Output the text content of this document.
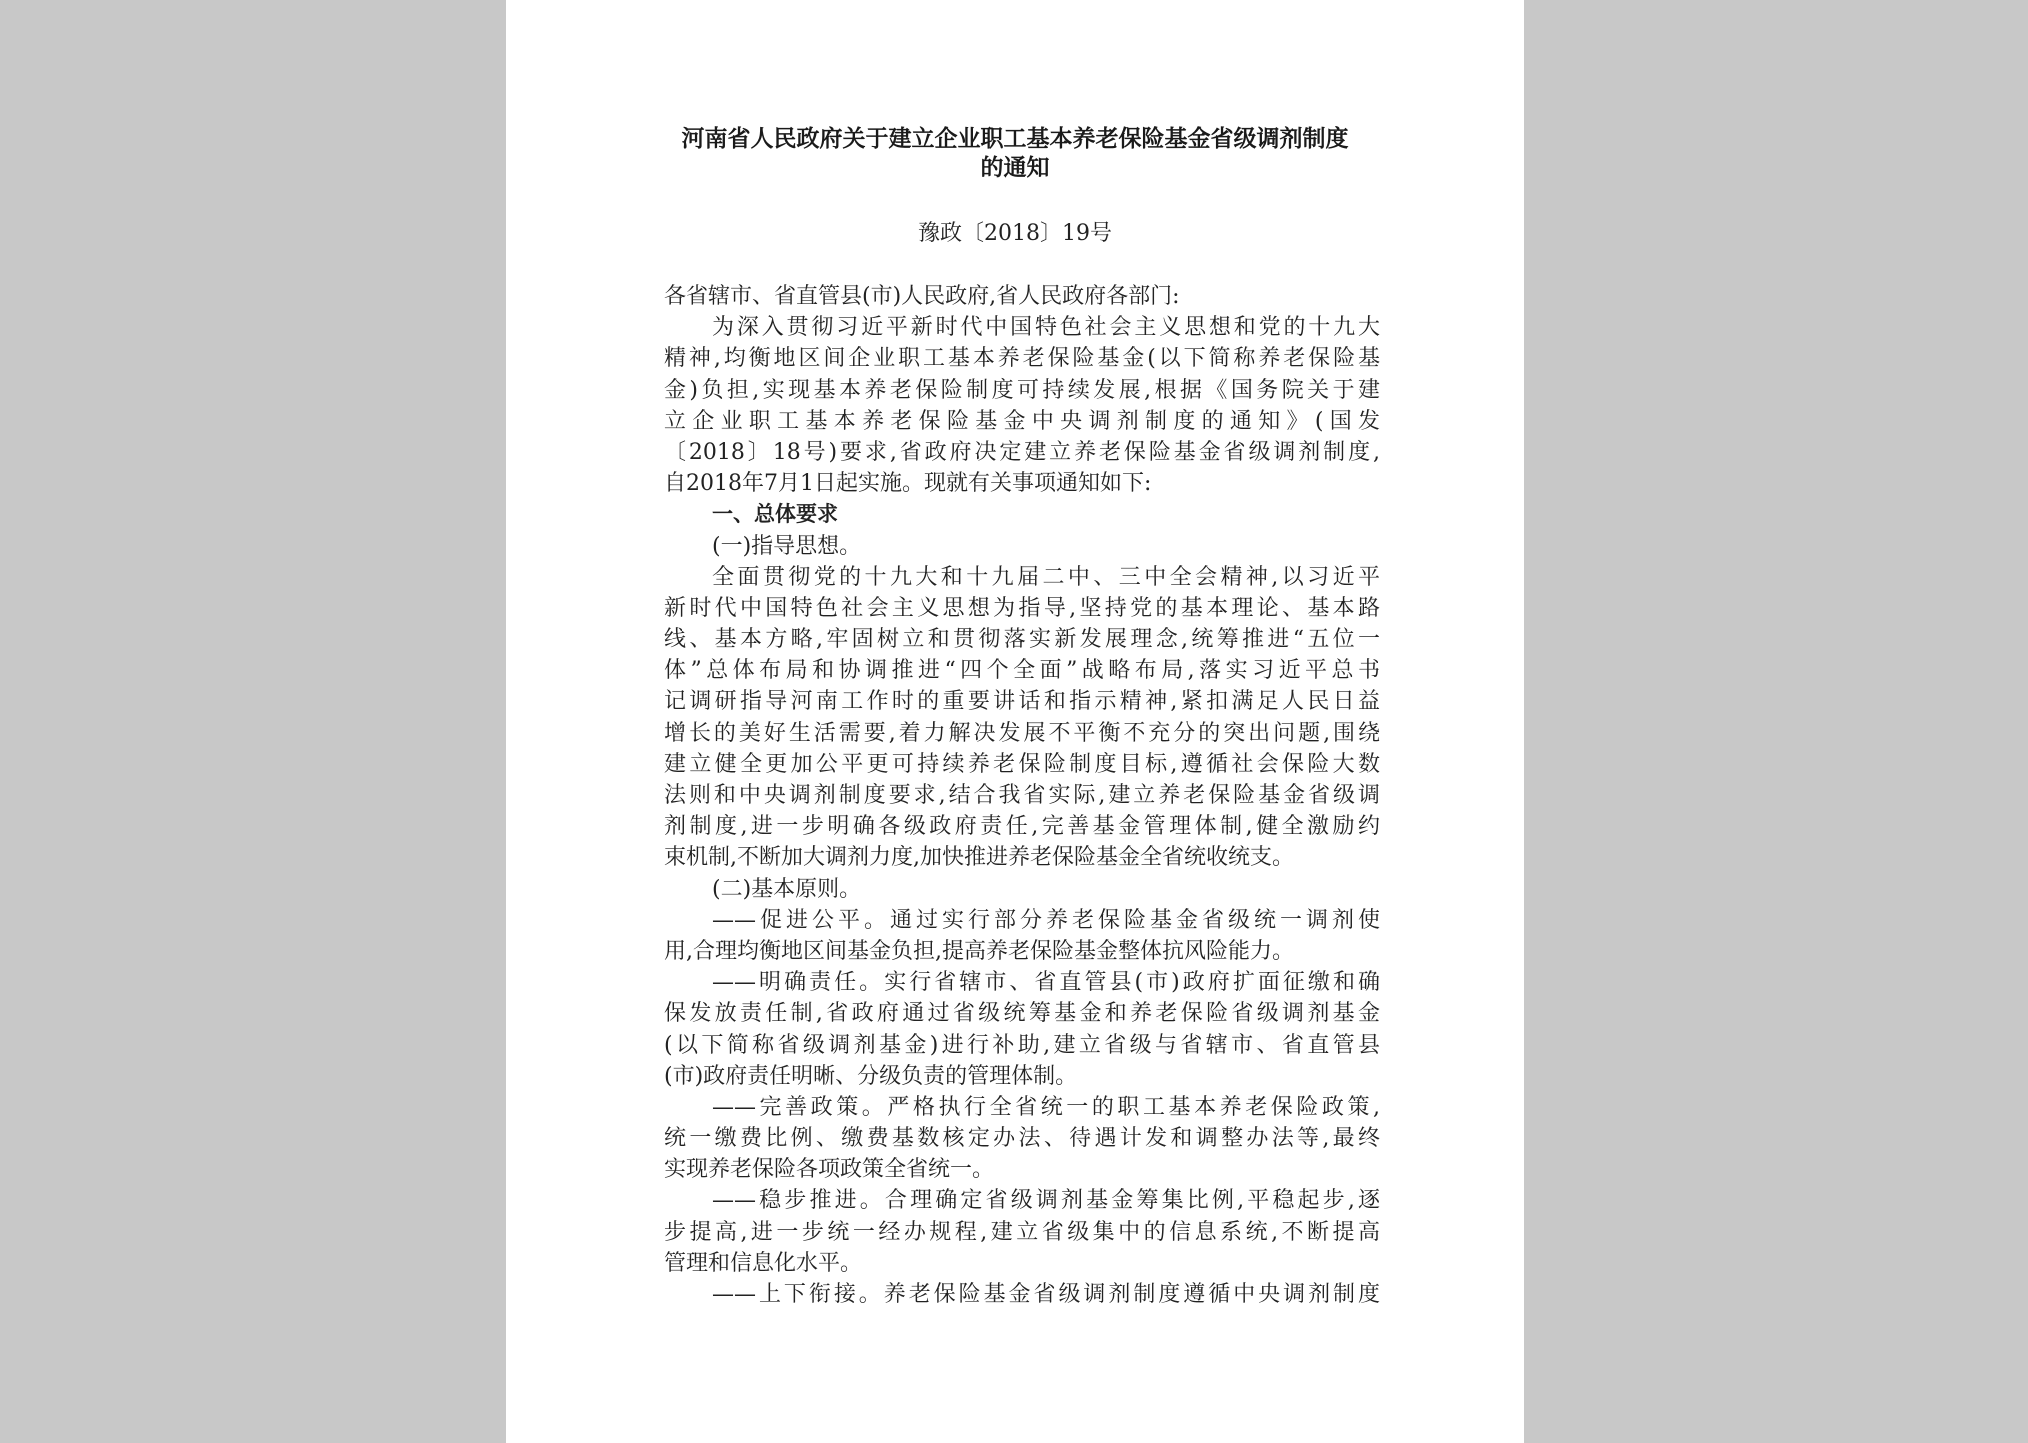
河南省人民政府关于建立企业职工基本养老保险基金省级调剂制度
的通知
豫政〔2018〕19号
各省辖市、省直管县(市)人民政府,省人民政府各部门:
为深入贯彻习近平新时代中国特色社会主义思想和党的十九大
精神,均衡地区间企业职工基本养老保险基金(以下简称养老保险基
金)负担,实现基本养老保险制度可持续发展,根据《国务院关于建
立企业职工基本养老保险基金中央调剂制度的通知》(国发
〔2018〕18号)要求,省政府决定建立养老保险基金省级调剂制度,
自2018年7月1日起实施。现就有关事项通知如下:
一、总体要求
(一)指导思想。
全面贯彻党的十九大和十九届二中、三中全会精神,以习近平
新时代中国特色社会主义思想为指导,坚持党的基本理论、基本路
线、基本方略,牢固树立和贯彻落实新发展理念,统筹推进“五位一
体”总体布局和协调推进“四个全面”战略布局,落实习近平总书
记调研指导河南工作时的重要讲话和指示精神,紧扣满足人民日益
增长的美好生活需要,着力解决发展不平衡不充分的突出问题,围绕
建立健全更加公平更可持续养老保险制度目标,遵循社会保险大数
法则和中央调剂制度要求,结合我省实际,建立养老保险基金省级调
剂制度,进一步明确各级政府责任,完善基金管理体制,健全激励约
束机制,不断加大调剂力度,加快推进养老保险基金全省统收统支。
(二)基本原则。
——促进公平。通过实行部分养老保险基金省级统一调剂使
用,合理均衡地区间基金负担,提高养老保险基金整体抗风险能力。
——明确责任。实行省辖市、省直管县(市)政府扩面征缴和确
保发放责任制,省政府通过省级统筹基金和养老保险省级调剂基金
(以下简称省级调剂基金)进行补助,建立省级与省辖市、省直管县
(市)政府责任明晰、分级负责的管理体制。
——完善政策。严格执行全省统一的职工基本养老保险政策,
统一缴费比例、缴费基数核定办法、待遇计发和调整办法等,最终
实现养老保险各项政策全省统一。
——稳步推进。合理确定省级调剂基金筹集比例,平稳起步,逐
步提高,进一步统一经办规程,建立省级集中的信息系统,不断提高
管理和信息化水平。
——上下衔接。养老保险基金省级调剂制度遵循中央调剂制度
